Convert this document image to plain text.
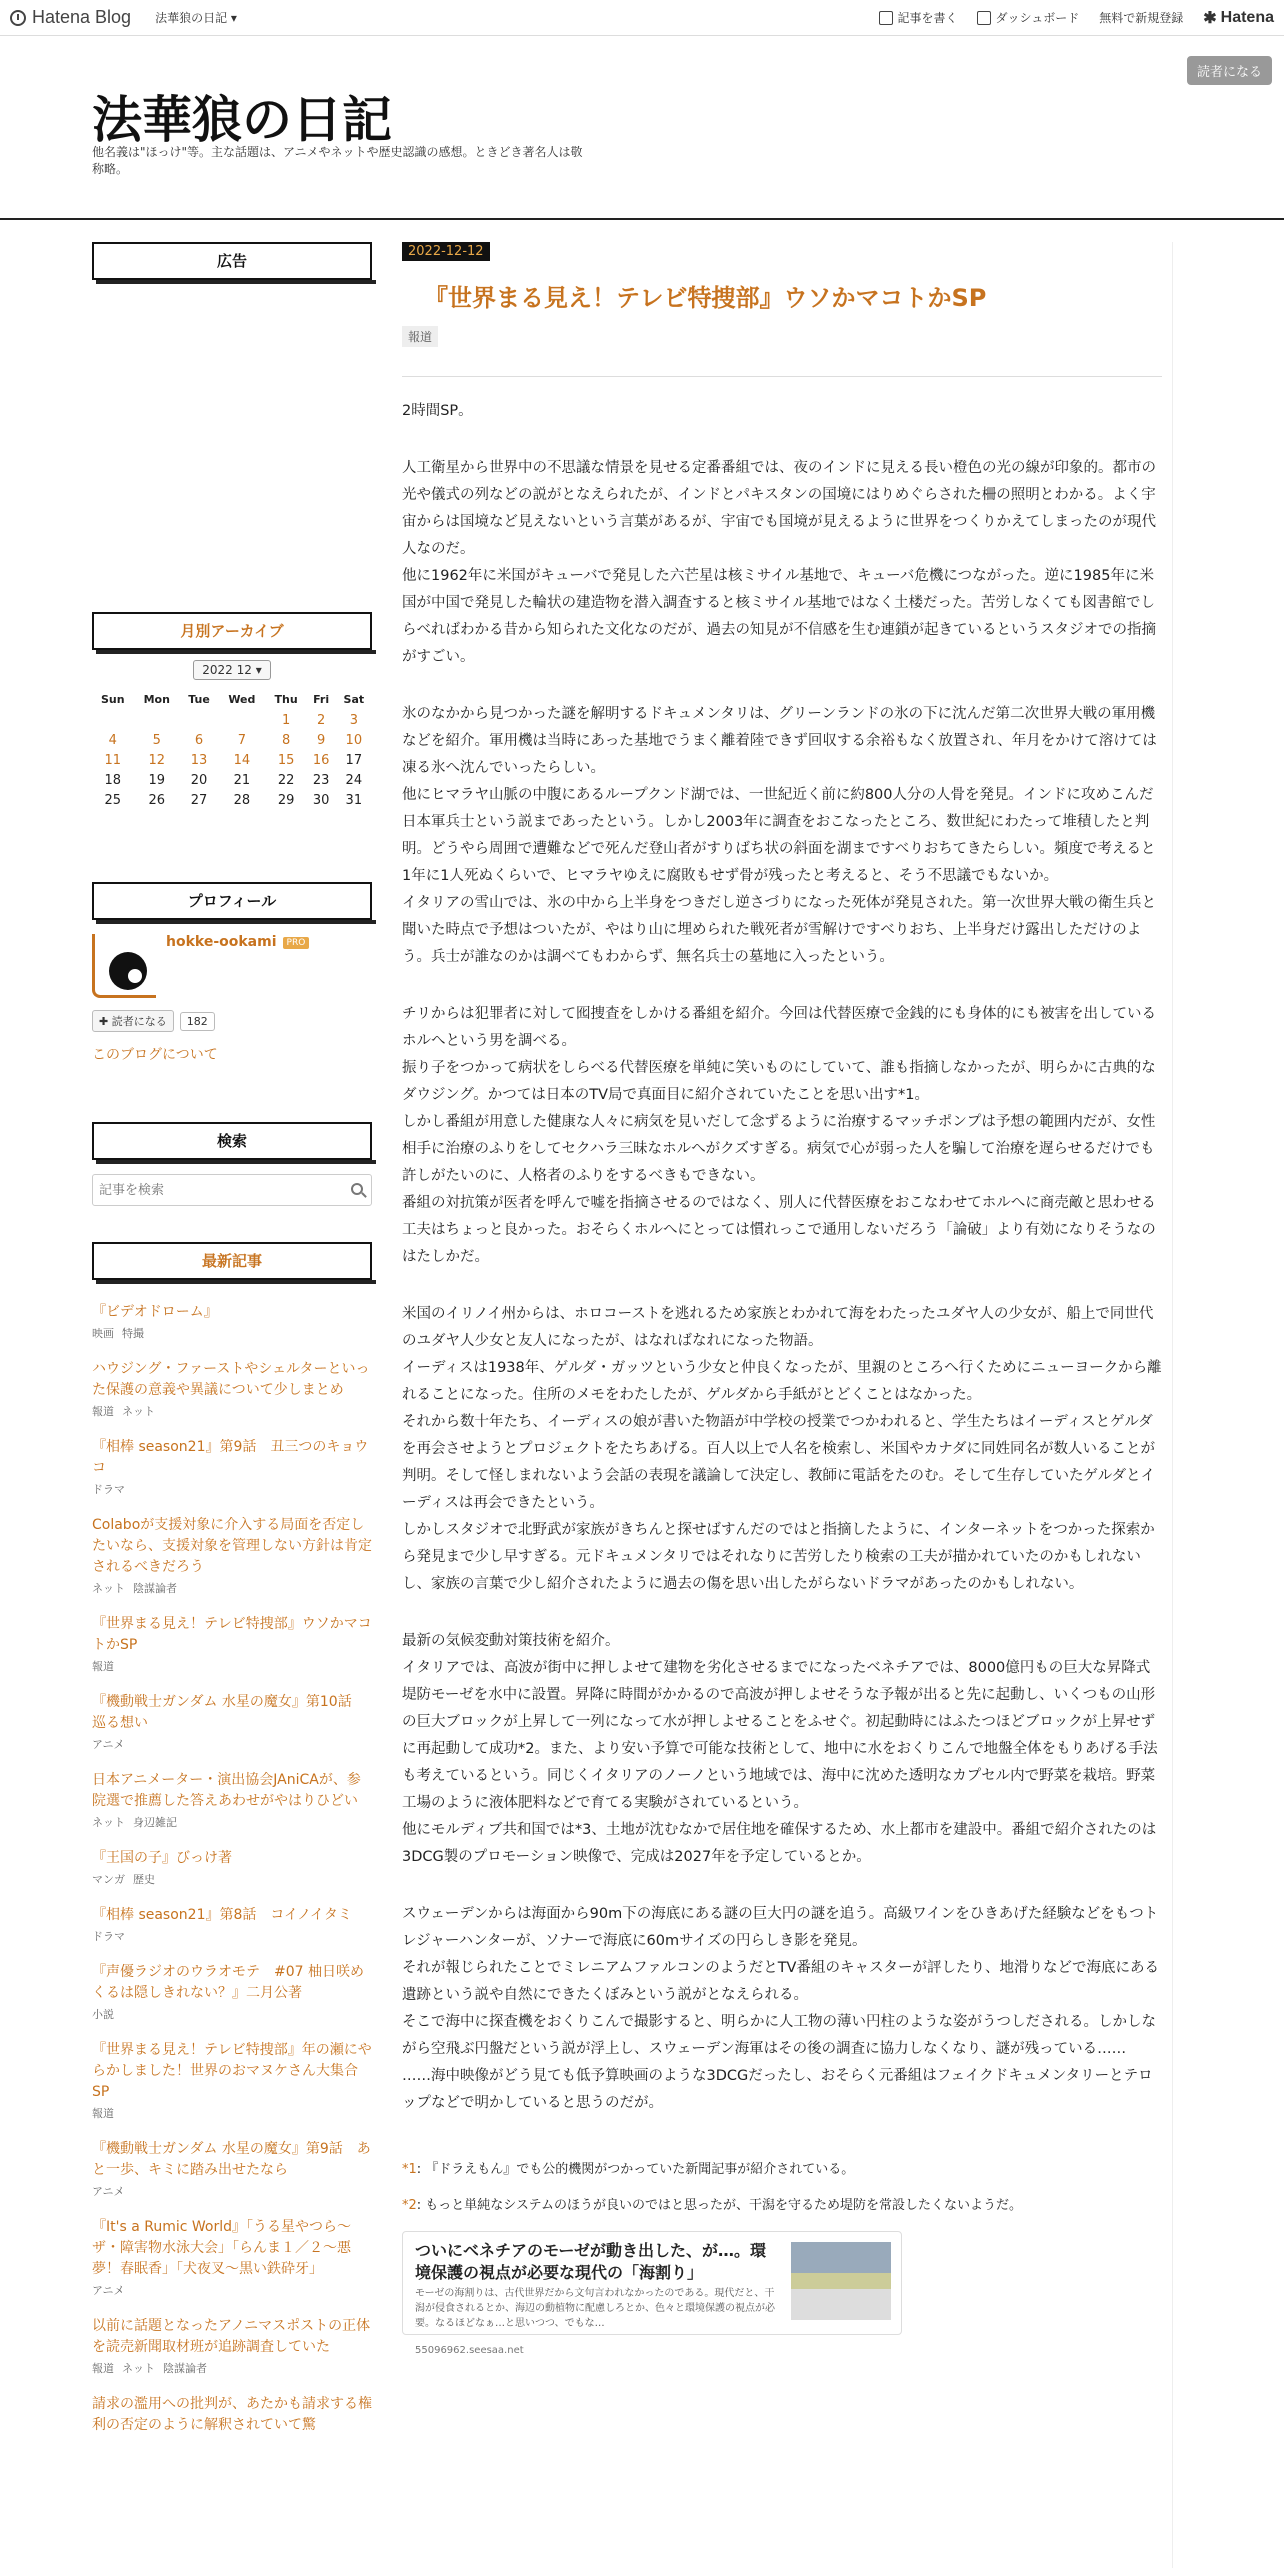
Hatena Blog 法華狼の日記 ▾	記事を書く	ダッシュボード 無料で新規登録 ✱ Hatena
法華狼の日記
他名義は"ほっけ"等。主な話題は、アニメやネットや歴史認識の感想。ときどき著名人は敬称略。
読者になる
広告
月別アーカイブ
2022 12 ▾
Sun	Mon	Tue	Wed	Thu	Fri	Sat
				1	2	3
4	5	6	7	8	9	10
11	12	13	14	15	16	17
18	19	20	21	22	23	24
25	26	27	28	29	30	31
プロフィール
hokke-ookami PRO
✚ 読者になる	182
このブログについて
検索
記事を検索
最新記事
『ビデオドローム』
映画 特撮
ハウジング・ファーストやシェルターといった保護の意義や異議について少しまとめ
報道 ネット
『相棒 season21』第9話　丑三つのキョウコ
ドラマ
Colaboが支援対象に介入する局面を否定したいなら、支援対象を管理しない方針は肯定されるべきだろう
ネット 陰謀論者
『世界まる見え！テレビ特捜部』ウソかマコトかSP
報道
『機動戦士ガンダム 水星の魔女』第10話　巡る想い
アニメ
日本アニメーター・演出協会JAniCAが、参院選で推薦した答えあわせがやはりひどい
ネット 身辺雑記
『王国の子』びっけ著
マンガ 歴史
『相棒 season21』第8話　コイノイタミ
ドラマ
『声優ラジオのウラオモテ　#07 柚日咲めくるは隠しきれない？』二月公著
小説
『世界まる見え！テレビ特捜部』年の瀬にやらかしました！世界のおマヌケさん大集合SP
報道
『機動戦士ガンダム 水星の魔女』第9話　あと一歩、キミに踏み出せたなら
アニメ
『It's a Rumic World』「うる星やつら～ザ・障害物水泳大会」「らんま１／２～悪夢！春眠香」「犬夜叉～黒い鉄砕牙」
アニメ
以前に話題となったアノニマスポストの正体を読売新聞取材班が追跡調査していた
報道 ネット 陰謀論者
請求の濫用への批判が、あたかも請求する権利の否定のように解釈されていて驚
2022-12-12
『世界まる見え！テレビ特捜部』ウソかマコトかSP
報道

2時間SP。

人工衛星から世界中の不思議な情景を見せる定番番組では、夜のインドに見える長い橙色の光の線が印象的。都市の光や儀式の列などの説がとなえられたが、インドとパキスタンの国境にはりめぐらされた柵の照明とわかる。よく宇宙からは国境など見えないという言葉があるが、宇宙でも国境が見えるように世界をつくりかえてしまったのが現代人なのだ。

他に1962年に米国がキューバで発見した六芒星は核ミサイル基地で、キューバ危機につながった。逆に1985年に米国が中国で発見した輪状の建造物を潜入調査すると核ミサイル基地ではなく土楼だった。苦労しなくても図書館でしらべればわかる昔から知られた文化なのだが、過去の知見が不信感を生む連鎖が起きているというスタジオでの指摘がすごい。

氷のなかから見つかった謎を解明するドキュメンタリは、グリーンランドの氷の下に沈んだ第二次世界大戦の軍用機などを紹介。軍用機は当時にあった基地でうまく離着陸できず回収する余裕もなく放置され、年月をかけて溶けては凍る氷へ沈んでいったらしい。

他にヒマラヤ山脈の中腹にあるループクンド湖では、一世紀近く前に約800人分の人骨を発見。インドに攻めこんだ日本軍兵士という説まであったという。しかし2003年に調査をおこなったところ、数世紀にわたって堆積したと判明。どうやら周囲で遭難などで死んだ登山者がすりばち状の斜面を湖まですべりおちてきたらしい。頻度で考えると1年に1人死ぬくらいで、ヒマラヤゆえに腐敗もせず骨が残ったと考えると、そう不思議でもないか。

イタリアの雪山では、氷の中から上半身をつきだし逆さづりになった死体が発見された。第一次世界大戦の衛生兵と聞いた時点で予想はついたが、やはり山に埋められた戦死者が雪解けですべりおち、上半身だけ露出しただけのよう。兵士が誰なのかは調べてもわからず、無名兵士の墓地に入ったという。

チリからは犯罪者に対して囮捜査をしかける番組を紹介。今回は代替医療で金銭的にも身体的にも被害を出しているホルへという男を調べる。

振り子をつかって病状をしらべる代替医療を単純に笑いものにしていて、誰も指摘しなかったが、明らかに古典的なダウジング。かつては日本のTV局で真面目に紹介されていたことを思い出す*1。

しかし番組が用意した健康な人々に病気を見いだして念ずるように治療するマッチポンプは予想の範囲内だが、女性相手に治療のふりをしてセクハラ三昧なホルへがクズすぎる。病気で心が弱った人を騙して治療を遅らせるだけでも許しがたいのに、人格者のふりをするべきもできない。

番組の対抗策が医者を呼んで嘘を指摘させるのではなく、別人に代替医療をおこなわせてホルへに商売敵と思わせる工夫はちょっと良かった。おそらくホルへにとっては慣れっこで通用しないだろう「論破」より有効になりそうなのはたしかだ。

米国のイリノイ州からは、ホロコーストを逃れるため家族とわかれて海をわたったユダヤ人の少女が、船上で同世代のユダヤ人少女と友人になったが、はなればなれになった物語。

イーディスは1938年、ゲルダ・ガッツという少女と仲良くなったが、里親のところへ行くためにニューヨークから離れることになった。住所のメモをわたしたが、ゲルダから手紙がとどくことはなかった。

それから数十年たち、イーディスの娘が書いた物語が中学校の授業でつかわれると、学生たちはイーディスとゲルダを再会させようとプロジェクトをたちあげる。百人以上で人名を検索し、米国やカナダに同姓同名が数人いることが判明。そして怪しまれないよう会話の表現を議論して決定し、教師に電話をたのむ。そして生存していたゲルダとイーディスは再会できたという。

しかしスタジオで北野武が家族がきちんと探せばすんだのではと指摘したように、インターネットをつかった探索から発見まで少し早すぎる。元ドキュメンタリではそれなりに苦労したり検索の工夫が描かれていたのかもしれないし、家族の言葉で少し紹介されたように過去の傷を思い出したがらないドラマがあったのかもしれない。

最新の気候変動対策技術を紹介。

イタリアでは、高波が街中に押しよせて建物を劣化させるまでになったベネチアでは、8000億円もの巨大な昇降式堤防モーゼを水中に設置。昇降に時間がかかるので高波が押しよせそうな予報が出ると先に起動し、いくつもの山形の巨大ブロックが上昇して一列になって水が押しよせることをふせぐ。初起動時にはふたつほどブロックが上昇せずに再起動して成功*2。また、より安い予算で可能な技術として、地中に水をおくりこんで地盤全体をもりあげる手法も考えているという。同じくイタリアのノーノという地域では、海中に沈めた透明なカプセル内で野菜を栽培。野菜工場のように液体肥料などで育てる実験がされているという。

他にモルディブ共和国では*3、土地が沈むなかで居住地を確保するため、水上都市を建設中。番組で紹介されたのは3DCG製のプロモーション映像で、完成は2027年を予定しているとか。

スウェーデンからは海面から90m下の海底にある謎の巨大円の謎を追う。高級ワインをひきあげた経験などをもつトレジャーハンターが、ソナーで海底に60mサイズの円らしき影を発見。

それが報じられたことでミレニアムファルコンのようだとTV番組のキャスターが評したり、地滑りなどで海底にある遺跡という説や自然にできたくぼみという説がとなえられる。

そこで海中に探査機をおくりこんで撮影すると、明らかに人工物の薄い円柱のような姿がうつしだされる。しかしながら空飛ぶ円盤だという説が浮上し、スウェーデン海軍はその後の調査に協力しなくなり、謎が残っている……

……海中映像がどう見ても低予算映画のような3DCGだったし、おそらく元番組はフェイクドキュメンタリーとテロップなどで明かしていると思うのだが。

*1: 『ドラえもん』でも公的機関がつかっていた新聞記事が紹介されている。
*2: もっと単純なシステムのほうが良いのではと思ったが、干潟を守るため堤防を常設したくないようだ。
ついにベネチアのモーゼが動き出した、が…。環境保護の視点が必要な現代の「海割り」
モーゼの海割りは、古代世界だから文句言われなかったのである。現代だと、干潟が侵食されるとか、海辺の動植物に配慮しろとか、色々と環境保護の視点が必要。なるほどなぁ…と思いつつ、でもな…
55096962.seesaa.net
